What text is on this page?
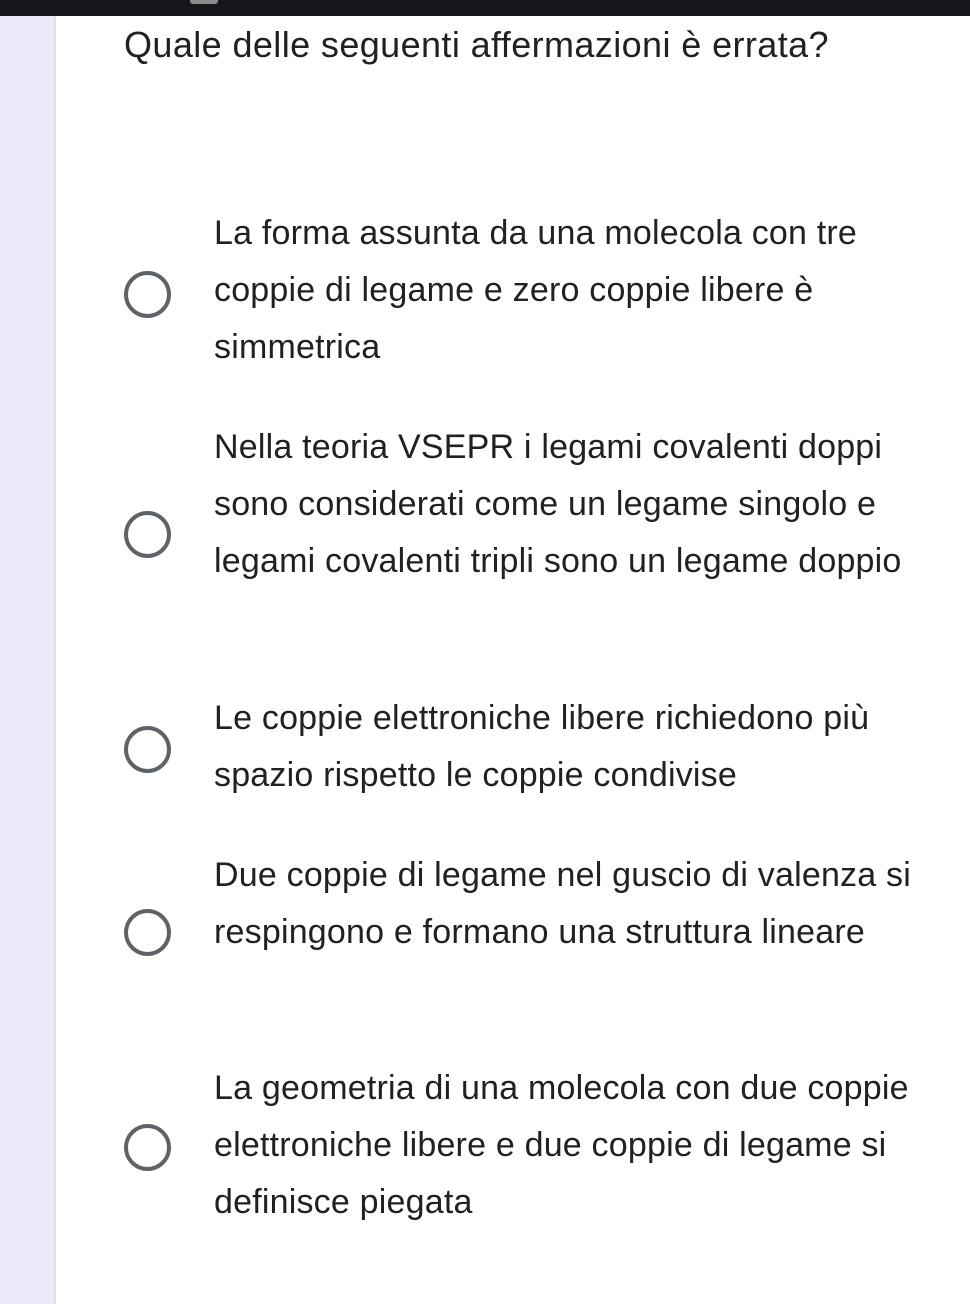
Quale delle seguenti affermazioni è errata?
La forma assunta da una molecola con tre coppie di legame e zero coppie libere è simmetrica
Nella teoria VSEPR i legami covalenti doppi sono considerati come un legame singolo e legami covalenti tripli sono un legame doppio
Le coppie elettroniche libere richiedono più spazio rispetto le coppie condivise
Due coppie di legame nel guscio di valenza si respingono e formano una struttura lineare
La geometria di una molecola con due coppie elettroniche libere e due coppie di legame si definisce piegata
